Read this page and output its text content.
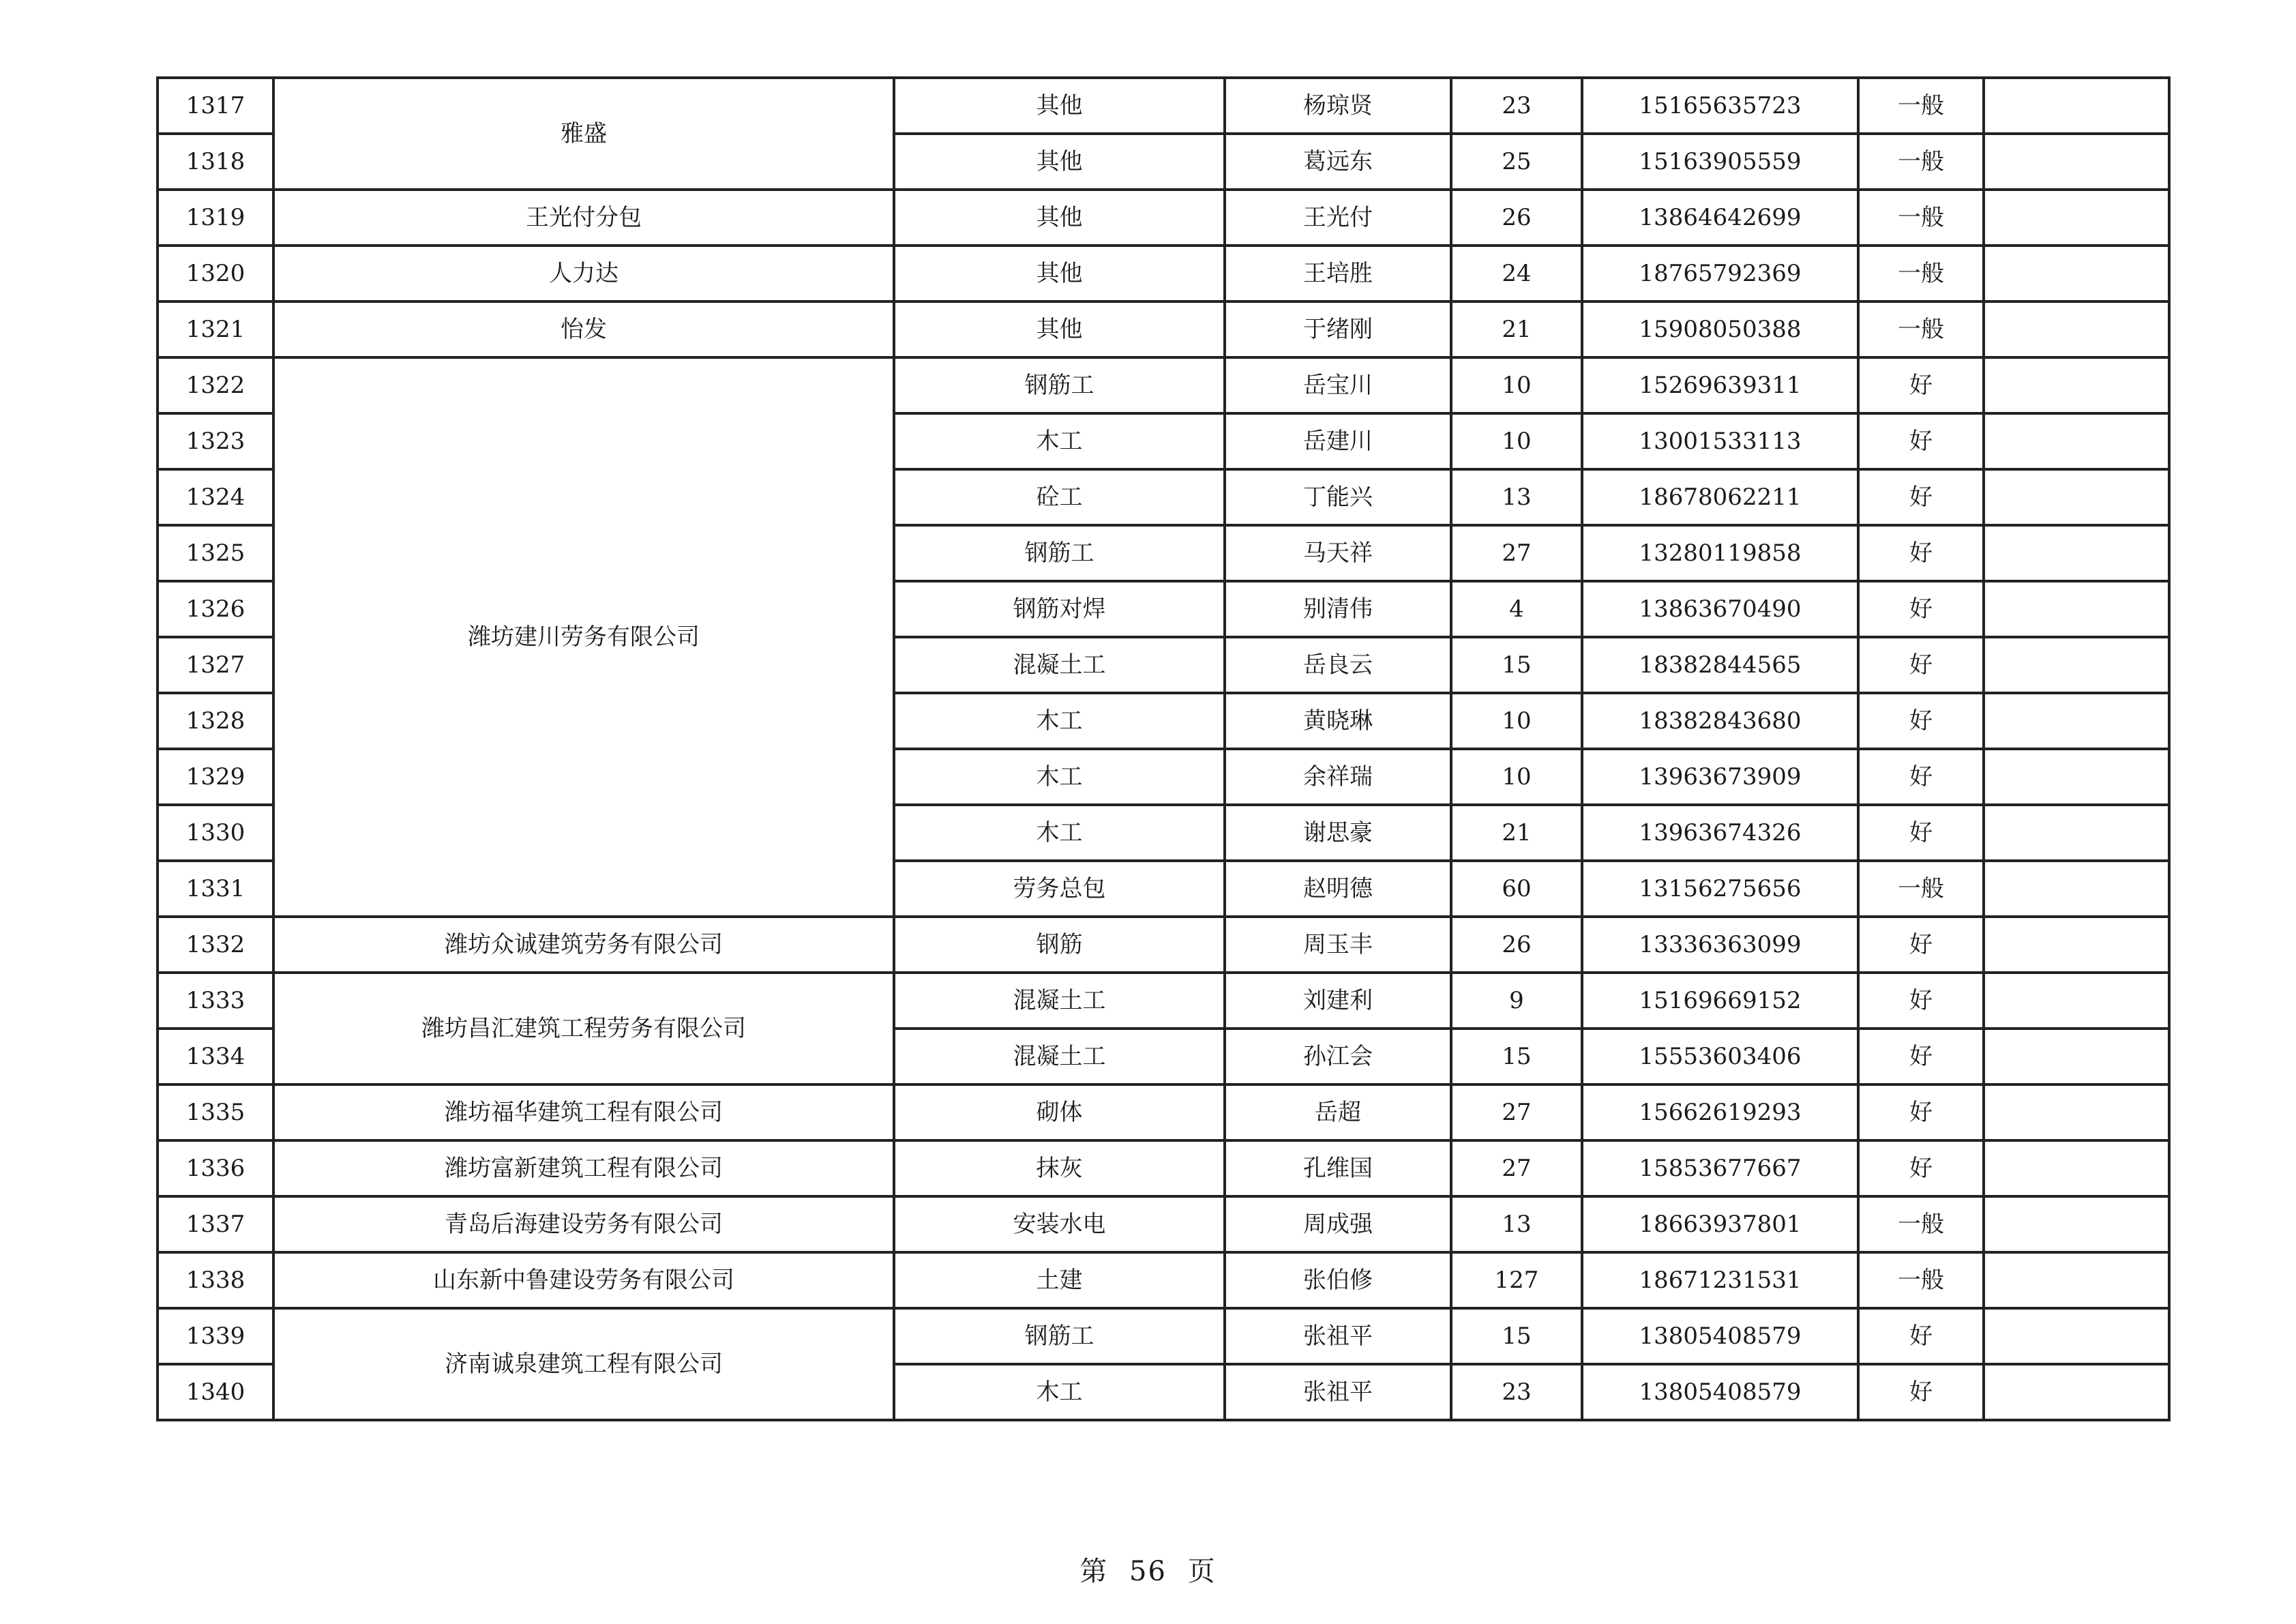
1317	雅盛	其他	杨琼贤	23	15165635723	一般	
1318		其他	葛远东	25	15163905559	一般	
1319	王光付分包	其他	王光付	26	13864642699	一般	
1320	人力达	其他	王培胜	24	18765792369	一般	
1321	怡发	其他	于绪刚	21	15908050388	一般	
1322	潍坊建川劳务有限公司	钢筋工	岳宝川	10	15269639311	好	
1323		木工	岳建川	10	13001533113	好	
1324		砼工	丁能兴	13	18678062211	好	
1325		钢筋工	马天祥	27	13280119858	好	
1326		钢筋对焊	别清伟	4	13863670490	好	
1327		混凝土工	岳良云	15	18382844565	好	
1328		木工	黄晓琳	10	18382843680	好	
1329		木工	余祥瑞	10	13963673909	好	
1330		木工	谢思豪	21	13963674326	好	
1331		劳务总包	赵明德	60	13156275656	一般	
1332	潍坊众诚建筑劳务有限公司	钢筋	周玉丰	26	13336363099	好	
1333	潍坊昌汇建筑工程劳务有限公司	混凝土工	刘建利	9	15169669152	好	
1334		混凝土工	孙江会	15	15553603406	好	
1335	潍坊福华建筑工程有限公司	砌体	岳超	27	15662619293	好	
1336	潍坊富新建筑工程有限公司	抹灰	孔维国	27	15853677667	好	
1337	青岛后海建设劳务有限公司	安装水电	周成强	13	18663937801	一般	
1338	山东新中鲁建设劳务有限公司	土建	张伯修	127	18671231531	一般	
1339	济南诚泉建筑工程有限公司	钢筋工	张祖平	15	13805408579	好	
1340		木工	张祖平	23	13805408579	好	
第 56 页
